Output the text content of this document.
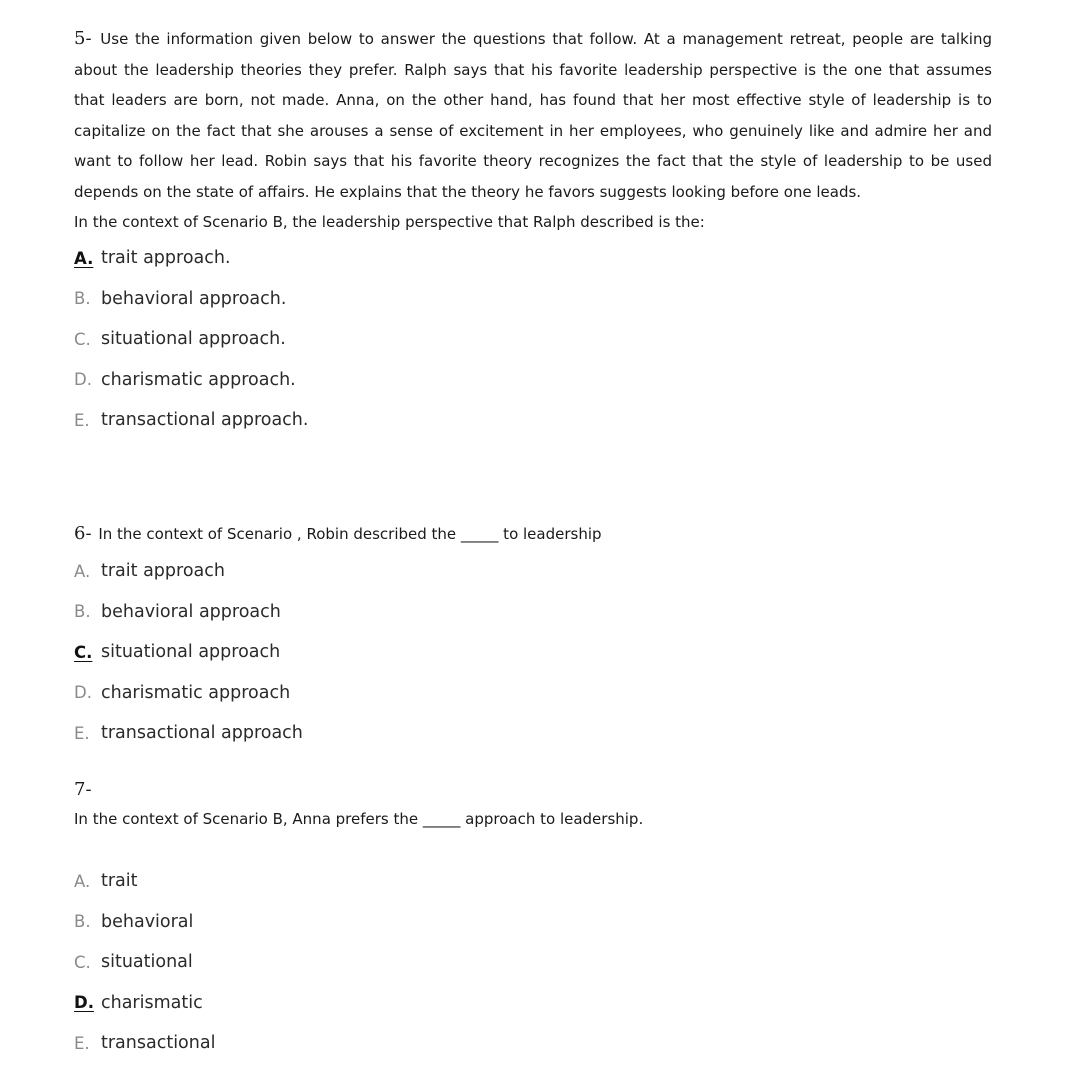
5- Use the information given below to answer the questions that follow. At a management retreat, people are talking about the leadership theories they prefer. Ralph says that his favorite leadership perspective is the one that assumes that leaders are born, not made. Anna, on the other hand, has found that her most effective style of leadership is to capitalize on the fact that she arouses a sense of excitement in her employees, who genuinely like and admire her and want to follow her lead. Robin says that his favorite theory recognizes the fact that the style of leadership to be used depends on the state of affairs. He explains that the theory he favors suggests looking before one leads.

In the context of Scenario B, the leadership perspective that Ralph described is the:

A. trait approach.
B. behavioral approach.
C. situational approach.
D. charismatic approach.
E. transactional approach.

6- In the context of Scenario , Robin described the _____ to leadership

A. trait approach
B. behavioral approach
C. situational approach
D. charismatic approach
E. transactional approach
7-

In the context of Scenario B, Anna prefers the _____ approach to leadership.

A. trait
B. behavioral
C. situational
D. charismatic
E. transactional
